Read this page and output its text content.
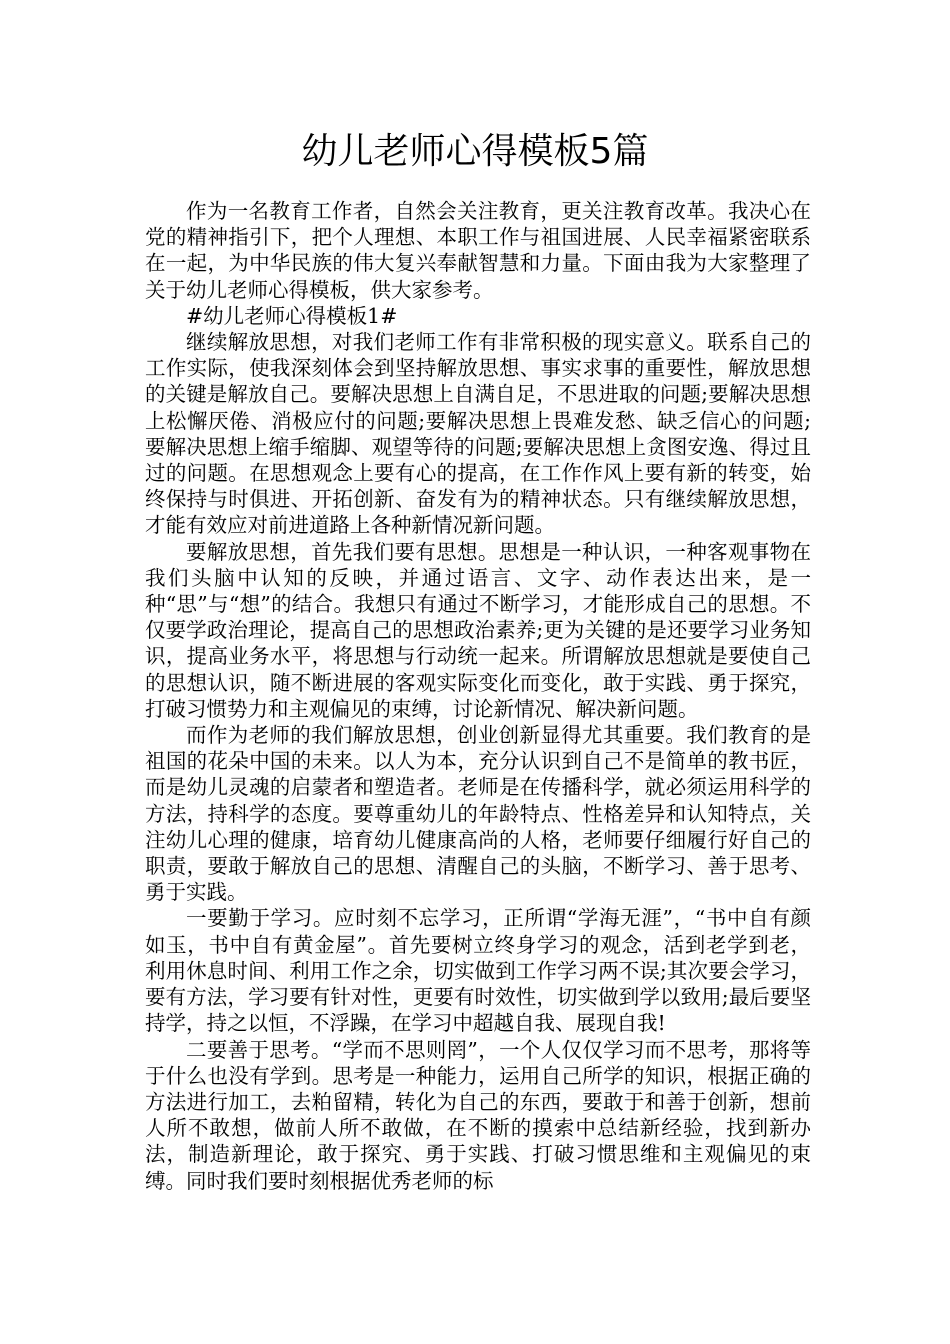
幼儿老师心得模板5篇

作为一名教育工作者，自然会关注教育，更关注教育改革。我决心在党的精神指引下，把个人理想、本职工作与祖国进展、人民幸福紧密联系在一起，为中华民族的伟大复兴奉献智慧和力量。下面由我为大家整理了关于幼儿老师心得模板，供大家参考。

#幼儿老师心得模板1#

继续解放思想，对我们老师工作有非常积极的现实意义。联系自己的工作实际，使我深刻体会到坚持解放思想、事实求事的重要性，解放思想的关键是解放自己。要解决思想上自满自足，不思进取的问题;要解决思想上松懈厌倦、消极应付的问题;要解决思想上畏难发愁、缺乏信心的问题;要解决思想上缩手缩脚、观望等待的问题;要解决思想上贪图安逸、得过且过的问题。在思想观念上要有心的提高，在工作作风上要有新的转变，始终保持与时俱进、开拓创新、奋发有为的精神状态。只有继续解放思想，才能有效应对前进道路上各种新情况新问题。

要解放思想，首先我们要有思想。思想是一种认识，一种客观事物在我们头脑中认知的反映，并通过语言、文字、动作表达出来，是一种“思”与“想”的结合。我想只有通过不断学习，才能形成自己的思想。不仅要学政治理论，提高自己的思想政治素养;更为关键的是还要学习业务知识，提高业务水平，将思想与行动统一起来。所谓解放思想就是要使自己的思想认识，随不断进展的客观实际变化而变化，敢于实践、勇于探究，打破习惯势力和主观偏见的束缚，讨论新情况、解决新问题。

而作为老师的我们解放思想，创业创新显得尤其重要。我们教育的是祖国的花朵中国的未来。以人为本，充分认识到自己不是简单的教书匠，而是幼儿灵魂的启蒙者和塑造者。老师是在传播科学，就必须运用科学的方法，持科学的态度。要尊重幼儿的年龄特点、性格差异和认知特点，关注幼儿心理的健康，培育幼儿健康高尚的人格，老师要仔细履行好自己的职责，要敢于解放自己的思想、清醒自己的头脑，不断学习、善于思考、勇于实践。

一要勤于学习。应时刻不忘学习，正所谓“学海无涯”，“书中自有颜如玉，书中自有黄金屋”。首先要树立终身学习的观念，活到老学到老，利用休息时间、利用工作之余，切实做到工作学习两不误;其次要会学习，要有方法，学习要有针对性，更要有时效性，切实做到学以致用;最后要坚持学，持之以恒，不浮躁，在学习中超越自我、展现自我!

二要善于思考。“学而不思则罔”，一个人仅仅学习而不思考，那将等于什么也没有学到。思考是一种能力，运用自己所学的知识，根据正确的方法进行加工，去粕留精，转化为自己的东西，要敢于和善于创新，想前人所不敢想，做前人所不敢做，在不断的摸索中总结新经验，找到新办法，制造新理论，敢于探究、勇于实践、打破习惯思维和主观偏见的束缚。同时我们要时刻根据优秀老师的标
